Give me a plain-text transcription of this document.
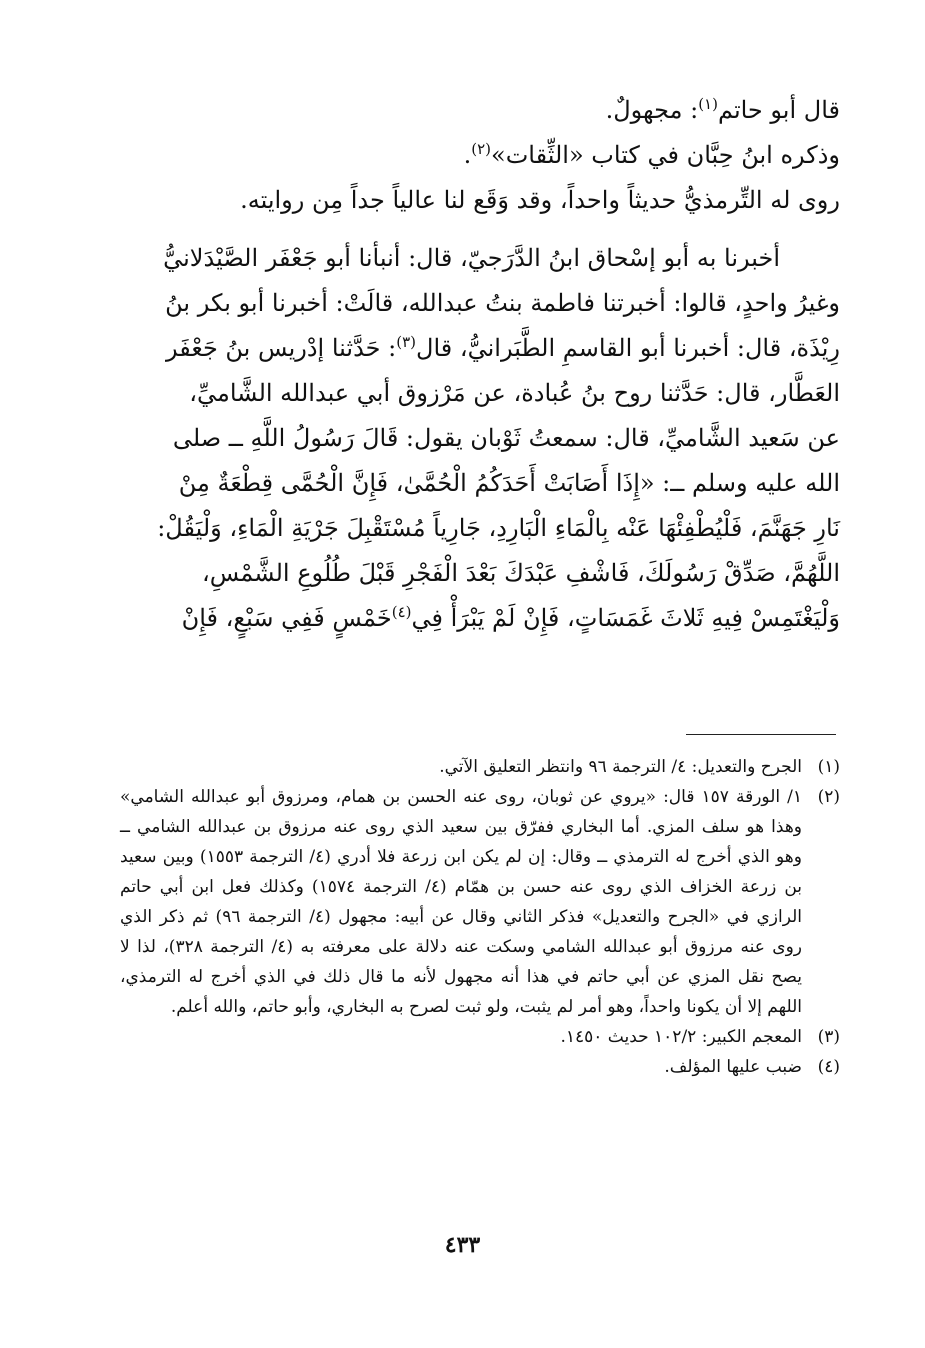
قال أبو حاتم$^{(١)}$: مجهولٌ.

وذكره ابنُ حِبَّان في كتاب «الثِّقات»$^{(٢)}$.

روى له التِّرمذيُّ حديثاً واحداً، وقد وَقَع لنا عالياً جداً مِن روايته.

أخبرنا به أبو إسْحاق ابنُ الدَّرَجيّ، قال: أنبأنا أبو جَعْفَر الصَّيْدَلانيُّ

وغيرُ واحدٍ، قالوا: أخبرتنا فاطمة بنتُ عبدالله، قالَتْ: أخبرنا أبو بكر بنُ

رِيْذَة، قال: أخبرنا أبو القاسمِ الطَّبَرانيُّ، قال$^{(٣)}$: حَدَّثنا إدْريس بنُ جَعْفَر

العَطَّار، قال: حَدَّثنا روح بنُ عُبادة، عن مَرْزوق أبي عبدالله الشَّاميِّ،

عن سَعيد الشَّاميِّ، قال: سمعتُ ثَوْبان يقول: قَالَ رَسُولُ اللَّهِ ــ صلى

الله عليه وسلم ــ: «إِذَا أَصَابَتْ أَحَدَكُمُ الْحُمَّىٰ، فَإِنَّ الْحُمَّى قِطْعَةٌ مِنْ

نَارِ جَهَنَّمَ، فَلْيُطْفِئْهَا عَنْه بِالْمَاءِ الْبَارِدِ، جَارِياً مُسْتَقْبِلَ جَرْيَةِ الْمَاءِ، وَلْيَقُلْ:

اللَّهُمَّ، صَدِّقْ رَسُولَكَ، فَاشْفِ عَبْدَكَ بَعْدَ الْفَجْرِ قَبْلَ طُلُوعِ الشَّمْسِ،

وَلْيَغْتَمِسْ فِيهِ ثَلاثَ غَمَسَاتٍ، فَإِنْ لَمْ يَبْرَأْ فِي$^{(٤)}$خَمْسٍ فَفِي سَبْعٍ، فَإِنْ

(١)
الجرح والتعديل: ٤/ الترجمة ٩٦ وانتظر التعليق الآتي.
(٢)
١/ الورقة ١٥٧ قال: «يروي عن ثوبان، روى عنه الحسن بن همام، ومرزوق أبو عبدالله الشامي» وهذا هو سلف المزي. أما البخاري ففرّق بين سعيد الذي روى عنه مرزوق بن عبدالله الشامي ــ وهو الذي أخرج له الترمذي ــ وقال: إن لم يكن ابن زرعة فلا أدري (٤/ الترجمة ١٥٥٣) وبين سعيد بن زرعة الخزاف الذي روى عنه حسن بن همّام (٤/ الترجمة ١٥٧٤) وكذلك فعل ابن أبي حاتم الرازي في «الجرح والتعديل» فذكر الثاني وقال عن أبيه: مجهول (٤/ الترجمة ٩٦) ثم ذكر الذي روى عنه مرزوق أبو عبدالله الشامي وسكت عنه دلالة على معرفته به (٤/ الترجمة ٣٢٨)، لذا لا يصح نقل المزي عن أبي حاتم في هذا أنه مجهول لأنه ما قال ذلك في الذي أخرج له الترمذي، اللهم إلا أن يكونا واحداً، وهو أمر لم يثبت، ولو ثبت لصرح به البخاري، وأبو حاتم، والله أعلم.
(٣)
المعجم الكبير: ١٠٢/٢ حديث ١٤٥٠.
(٤)
ضبب عليها المؤلف.
٤٣٣
